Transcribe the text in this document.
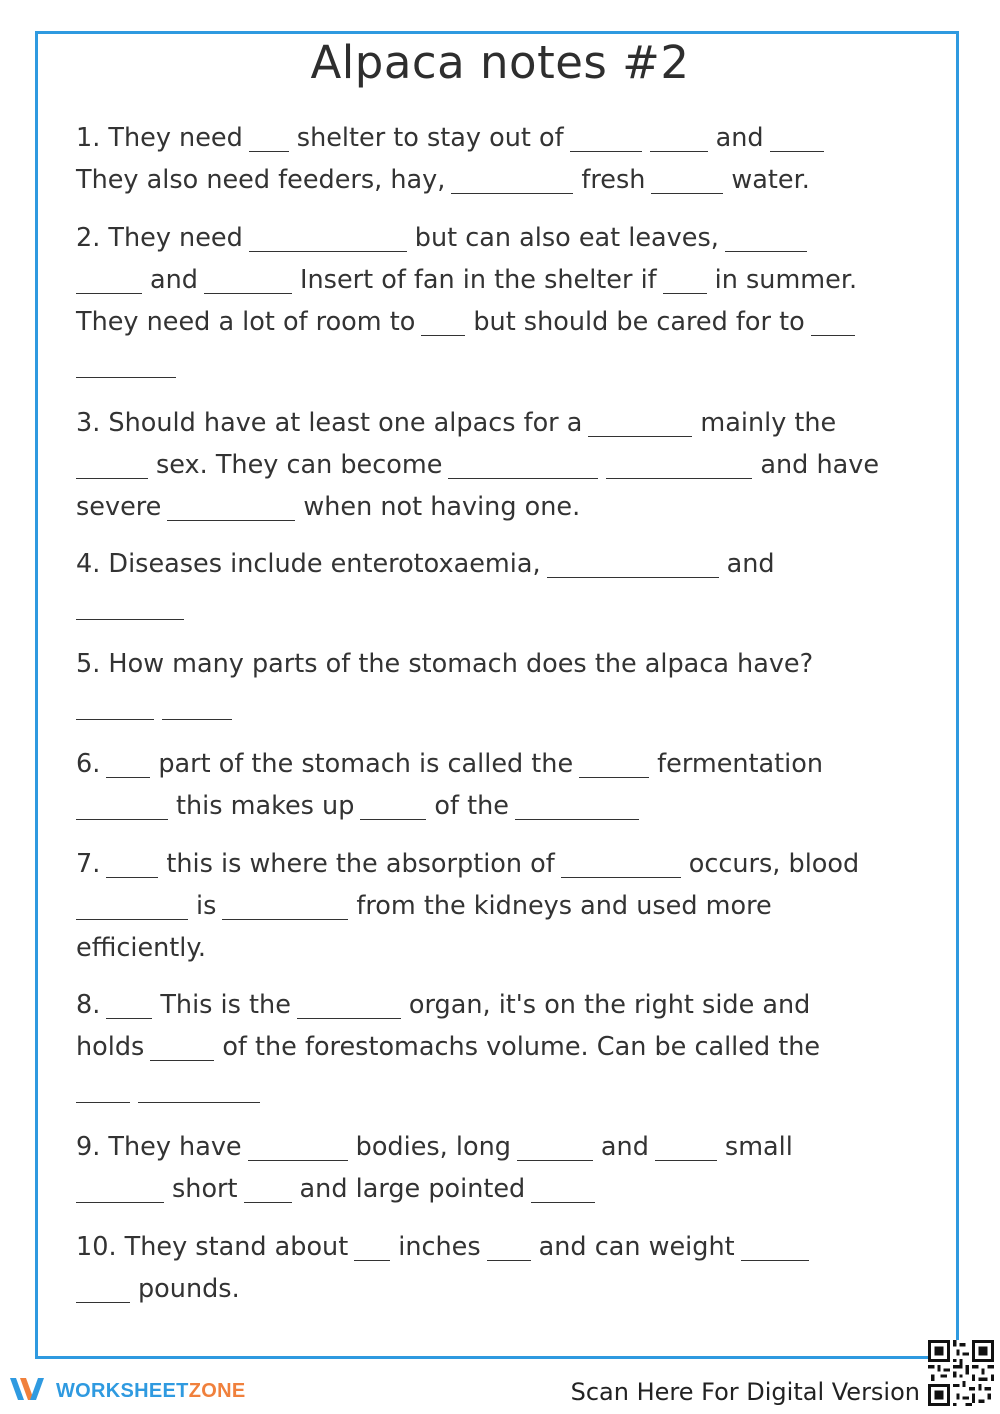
Alpaca notes #2
1. They need shelter to stay out of	and
They also need feeders, hay,	fresh	water.
2. They need	but can also eat leaves,
and	Insert of fan in the shelter if in summer.
They need a lot of room to but should be cared for to
3. Should have at least one alpacs for a	mainly the
sex. They can become	and have
severe	when not having one.
4. Diseases include enterotoxaemia,	and
5. How many parts of the stomach does the alpaca have?
6. part of the stomach is called the	fermentation
this makes up	of the
7.	this is where the absorption of	occurs, blood
is	from the kidneys and used more
efficiently.
8. This is the	organ, it's on the right side and
holds	of the forestomachs volume. Can be called the
9. They have	bodies, long	and	small
short and large pointed
10. They stand about inches and can weight
pounds.
WORKSHEETZONE	Scan Here For Digital Version
